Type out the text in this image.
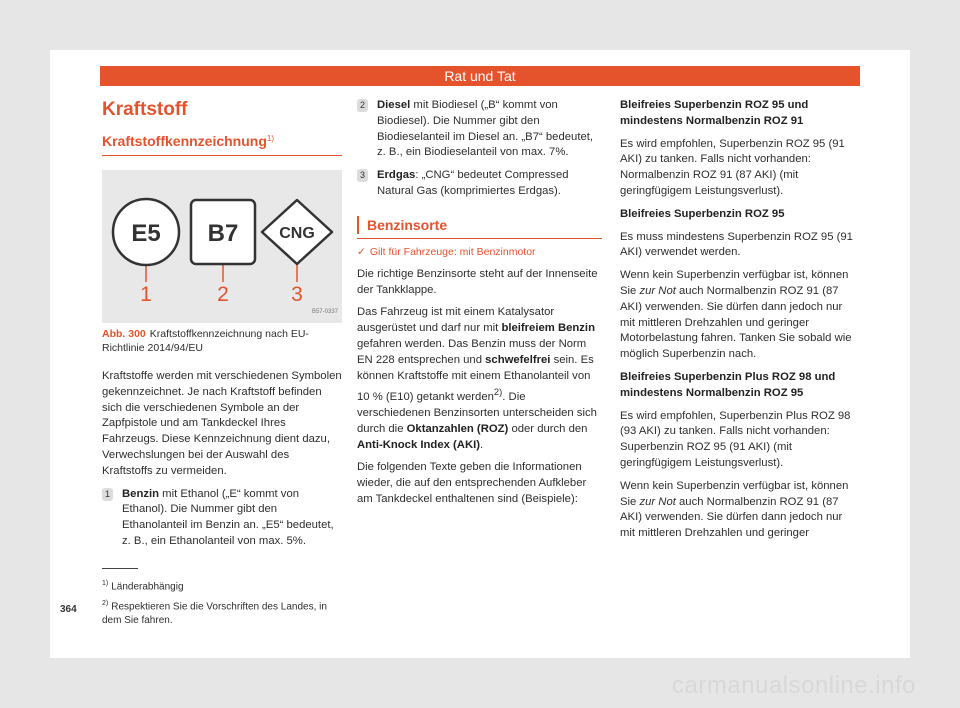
Rat und Tat
Kraftstoff
Kraftstoffkennzeichnung$^{1)}$
E5 B7	CNG
1	2	3
B57-0337
Abb. 300 Kraftstoffkennzeichnung nach EU-Richtlinie 2014/94/EU

Kraftstoffe werden mit verschiedenen Symbolen gekennzeichnet. Je nach Kraftstoff befinden sich die verschiedenen Symbole an der Zapfpistole und am Tankdeckel Ihres Fahrzeugs. Diese Kennzeichnung dient dazu, Verwechslungen bei der Auswahl des Kraftstoffs zu vermeiden.

1 Benzin mit Ethanol („E“ kommt von Ethanol). Die Nummer gibt den Ethanolanteil im Benzin an. „E5“ bedeutet, z. B., ein Ethanolanteil von max. 5%.
2 Diesel mit Biodiesel („B“ kommt von Biodiesel). Die Nummer gibt den Biodieselanteil im Diesel an. „B7“ bedeutet, z. B., ein Biodieselanteil von max. 7%.
3 Erdgas: „CNG“ bedeutet Compressed Natural Gas (komprimiertes Erdgas).
Benzinsorte
✓ Gilt für Fahrzeuge: mit Benzinmotor

Die richtige Benzinsorte steht auf der Innenseite der Tankklappe.

Das Fahrzeug ist mit einem Katalysator ausgerüstet und darf nur mit bleifreiem Benzin gefahren werden. Das Benzin muss der Norm EN 228 entsprechen und schwefelfrei sein. Es können Kraftstoffe mit einem Ethanolanteil von 10 % (E10) getankt werden$^{2)}$. Die verschiedenen Benzinsorten unterscheiden sich durch die Oktanzahlen (ROZ) oder durch den Anti-Knock Index (AKI).

Die folgenden Texte geben die Informationen wieder, die auf den entsprechenden Aufkleber am Tankdeckel enthaltenen sind (Beispiele):

Bleifreies Superbenzin ROZ 95 und mindestens Normalbenzin ROZ 91

Es wird empfohlen, Superbenzin ROZ 95 (91 AKI) zu tanken. Falls nicht vorhanden: Normalbenzin ROZ 91 (87 AKI) (mit geringfügigem Leistungsverlust).

Bleifreies Superbenzin ROZ 95

Es muss mindestens Superbenzin ROZ 95 (91 AKI) verwendet werden.

Wenn kein Superbenzin verfügbar ist, können Sie zur Not auch Normalbenzin ROZ 91 (87 AKI) verwenden. Sie dürfen dann jedoch nur mit mittleren Drehzahlen und geringer Motorbelastung fahren. Tanken Sie sobald wie möglich Superbenzin nach.

Bleifreies Superbenzin Plus ROZ 98 und mindestens Normalbenzin ROZ 95

Es wird empfohlen, Superbenzin Plus ROZ 98 (93 AKI) zu tanken. Falls nicht vorhanden: Superbenzin ROZ 95 (91 AKI) (mit geringfügigem Leistungsverlust).

Wenn kein Superbenzin verfügbar ist, können Sie zur Not auch Normalbenzin ROZ 91 (87 AKI) verwenden. Sie dürfen dann jedoch nur mit mittleren Drehzahlen und geringer

$^{1)}$ Länderabhängig

$^{2)}$ Respektieren Sie die Vorschriften des Landes, in dem Sie fahren.

364
carmanualsonline.info
